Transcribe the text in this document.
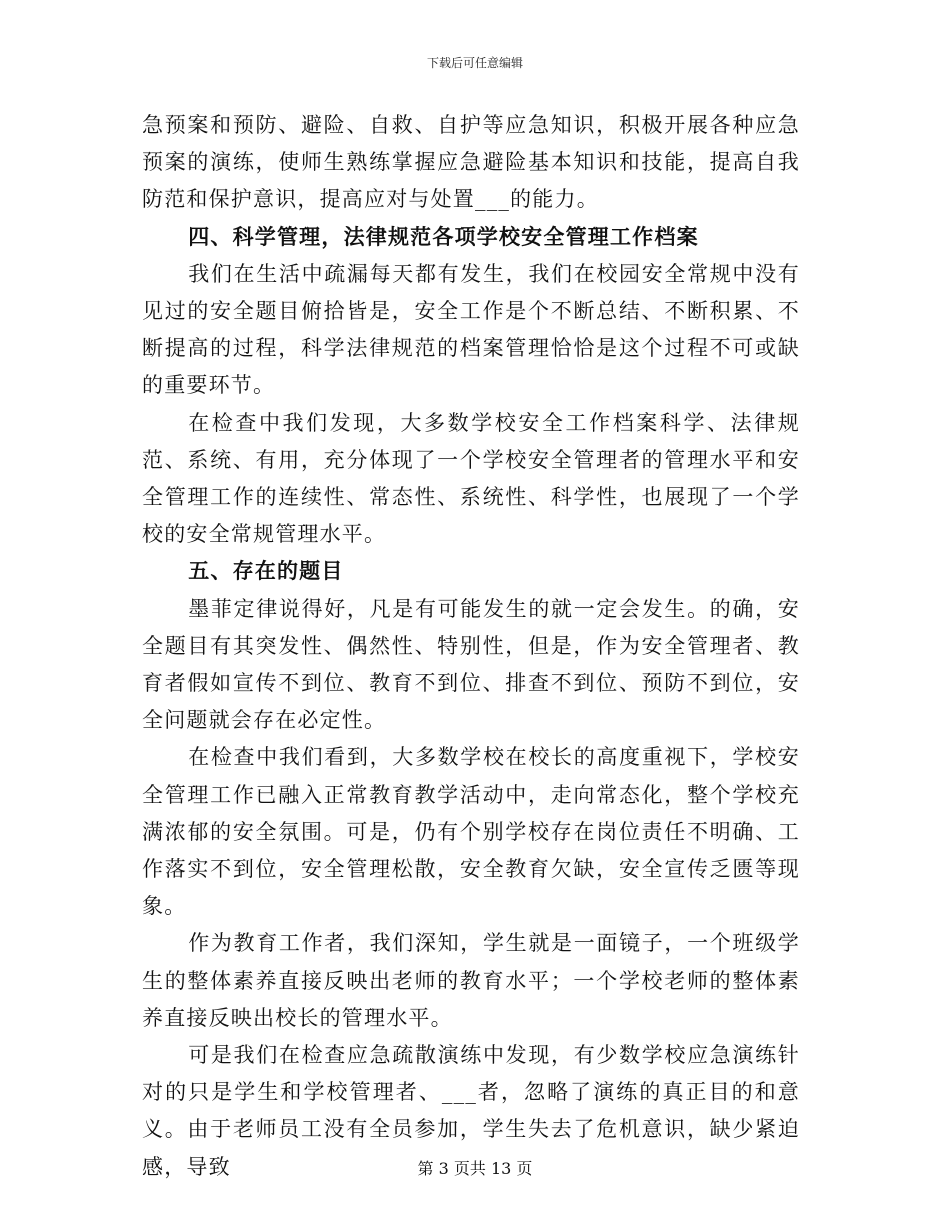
下载后可任意编辑

急预案和预防、避险、自救、自护等应急知识，积极开展各种应急预案的演练，使师生熟练掌握应急避险基本知识和技能，提高自我防范和保护意识，提高应对与处置___的能力。

四、科学管理，法律规范各项学校安全管理工作档案

我们在生活中疏漏每天都有发生，我们在校园安全常规中没有见过的安全题目俯拾皆是，安全工作是个不断总结、不断积累、不断提高的过程，科学法律规范的档案管理恰恰是这个过程不可或缺的重要环节。

在检查中我们发现，大多数学校安全工作档案科学、法律规范、系统、有用，充分体现了一个学校安全管理者的管理水平和安全管理工作的连续性、常态性、系统性、科学性，也展现了一个学校的安全常规管理水平。

五、存在的题目

墨菲定律说得好，凡是有可能发生的就一定会发生。的确，安全题目有其突发性、偶然性、特别性，但是，作为安全管理者、教育者假如宣传不到位、教育不到位、排查不到位、预防不到位，安全问题就会存在必定性。

在检查中我们看到，大多数学校在校长的高度重视下，学校安全管理工作已融入正常教育教学活动中，走向常态化，整个学校充满浓郁的安全氛围。可是，仍有个别学校存在岗位责任不明确、工作落实不到位，安全管理松散，安全教育欠缺，安全宣传乏匮等现象。

作为教育工作者，我们深知，学生就是一面镜子，一个班级学生的整体素养直接反映出老师的教育水平；一个学校老师的整体素养直接反映出校长的管理水平。

可是我们在检查应急疏散演练中发现，有少数学校应急演练针对的只是学生和学校管理者、___者，忽略了演练的真正目的和意义。由于老师员工没有全员参加，学生失去了危机意识，缺少紧迫感，导致	第 3 页共 13 页
